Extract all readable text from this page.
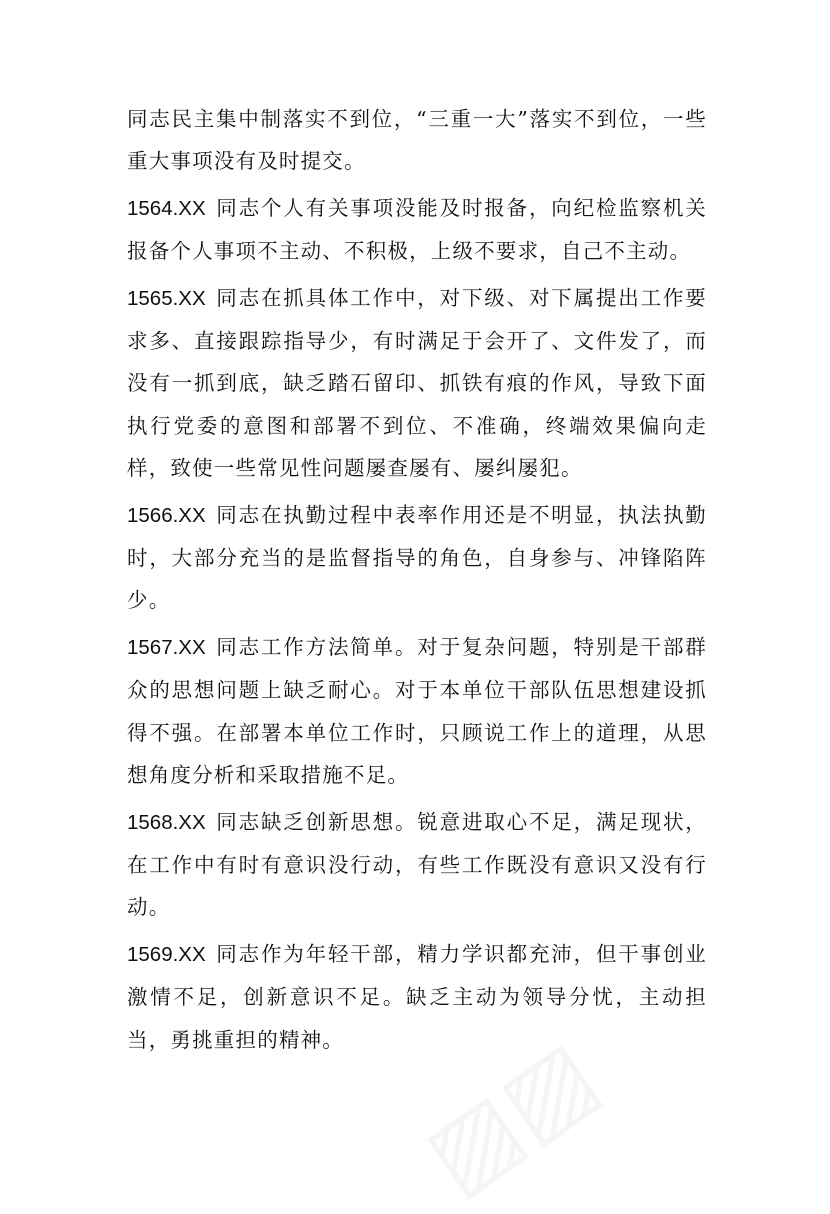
同志民主集中制落实不到位，“三重一大”落实不到位，一些重大事项没有及时提交。

1564.XX 同志个人有关事项没能及时报备，向纪检监察机关报备个人事项不主动、不积极，上级不要求，自己不主动。

1565.XX 同志在抓具体工作中，对下级、对下属提出工作要求多、直接跟踪指导少，有时满足于会开了、文件发了，而没有一抓到底，缺乏踏石留印、抓铁有痕的作风，导致下面执行党委的意图和部署不到位、不准确，终端效果偏向走样，致使一些常见性问题屡查屡有、屡纠屡犯。

1566.XX 同志在执勤过程中表率作用还是不明显，执法执勤时，大部分充当的是监督指导的角色，自身参与、冲锋陷阵少。

1567.XX 同志工作方法简单。对于复杂问题，特别是干部群众的思想问题上缺乏耐心。对于本单位干部队伍思想建设抓得不强。在部署本单位工作时，只顾说工作上的道理，从思想角度分析和采取措施不足。

1568.XX 同志缺乏创新思想。锐意进取心不足，满足现状，在工作中有时有意识没行动，有些工作既没有意识又没有行动。

1569.XX 同志作为年轻干部，精力学识都充沛，但干事创业激情不足，创新意识不足。缺乏主动为领导分忧，主动担当，勇挑重担的精神。
